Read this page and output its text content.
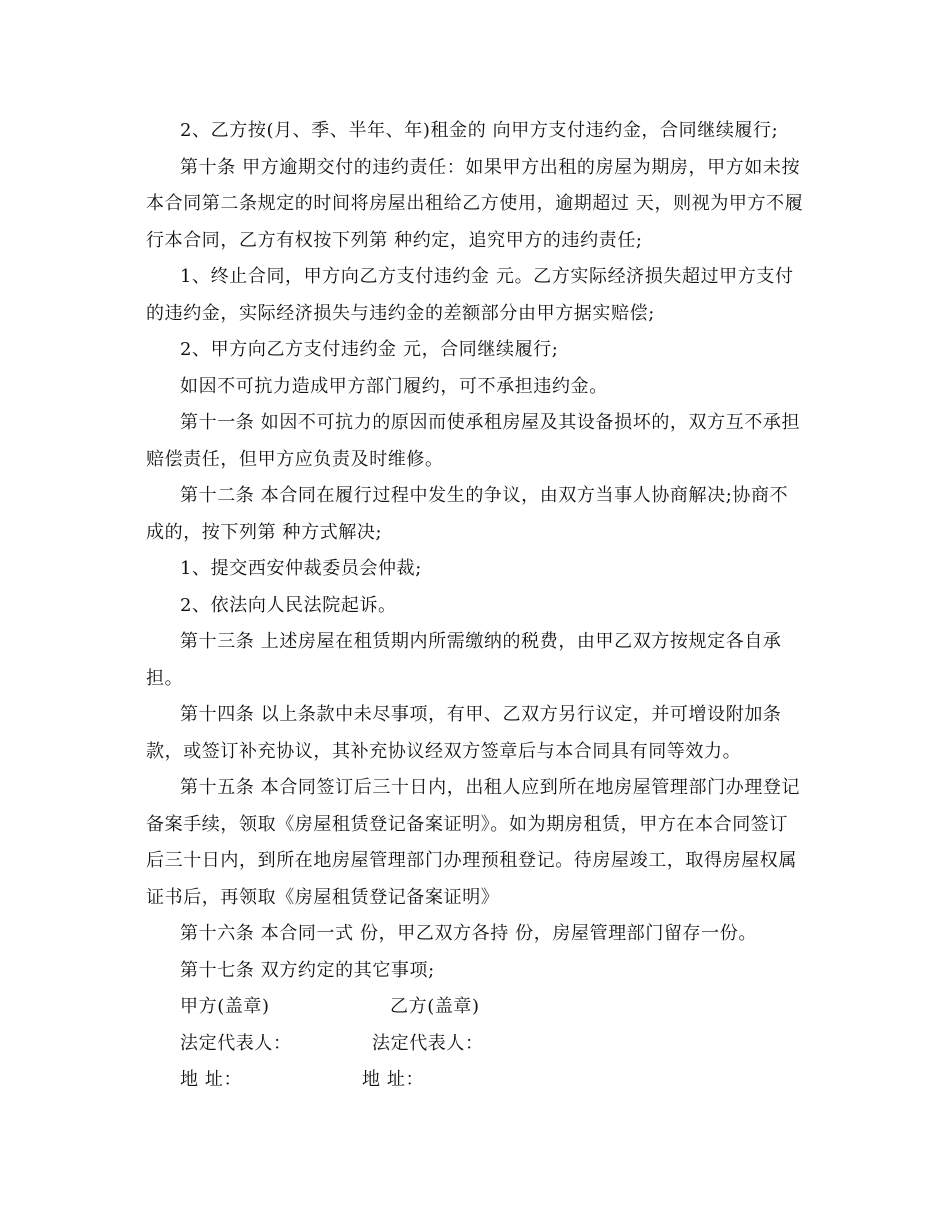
2、乙方按(月、季、半年、年)租金的 向甲方支付违约金，合同继续履行;
第十条 甲方逾期交付的违约责任：如果甲方出租的房屋为期房，甲方如未按
本合同第二条规定的时间将房屋出租给乙方使用，逾期超过 天，则视为甲方不履
行本合同，乙方有权按下列第 种约定，追究甲方的违约责任;
1、终止合同，甲方向乙方支付违约金 元。乙方实际经济损失超过甲方支付
的违约金，实际经济损失与违约金的差额部分由甲方据实赔偿;
2、甲方向乙方支付违约金 元，合同继续履行;
如因不可抗力造成甲方部门履约，可不承担违约金。
第十一条 如因不可抗力的原因而使承租房屋及其设备损坏的，双方互不承担
赔偿责任，但甲方应负责及时维修。
第十二条 本合同在履行过程中发生的争议，由双方当事人协商解决;协商不
成的，按下列第 种方式解决;
1、提交西安仲裁委员会仲裁;
2、依法向人民法院起诉。
第十三条 上述房屋在租赁期内所需缴纳的税费，由甲乙双方按规定各自承
担。
第十四条 以上条款中未尽事项，有甲、乙双方另行议定，并可增设附加条
款，或签订补充协议，其补充协议经双方签章后与本合同具有同等效力。
第十五条 本合同签订后三十日内，出租人应到所在地房屋管理部门办理登记
备案手续，领取《房屋租赁登记备案证明》。如为期房租赁，甲方在本合同签订
后三十日内，到所在地房屋管理部门办理预租登记。待房屋竣工，取得房屋权属
证书后，再领取《房屋租赁登记备案证明》
第十六条 本合同一式 份，甲乙双方各持 份，房屋管理部门留存一份。
第十七条 双方约定的其它事项;
甲方(盖章)	乙方(盖章)
法定代表人：	法定代表人：
地 址：	地 址：
